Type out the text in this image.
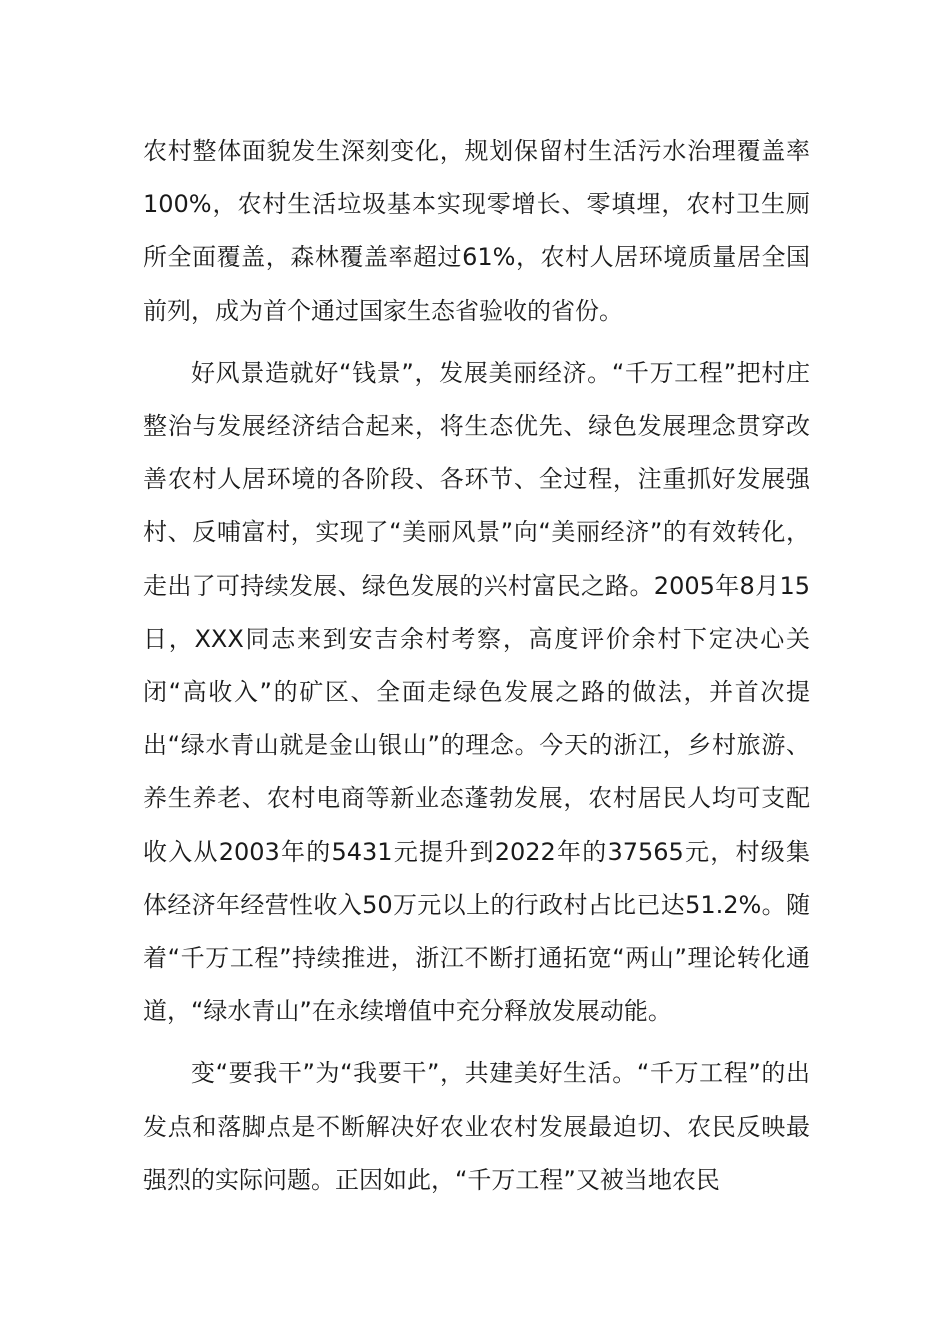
农村整体面貌发生深刻变化，规划保留村生活污水治理覆盖率100%，农村生活垃圾基本实现零增长、零填埋，农村卫生厕所全面覆盖，森林覆盖率超过61%，农村人居环境质量居全国前列，成为首个通过国家生态省验收的省份。

好风景造就好“钱景”，发展美丽经济。“千万工程”把村庄整治与发展经济结合起来，将生态优先、绿色发展理念贯穿改善农村人居环境的各阶段、各环节、全过程，注重抓好发展强村、反哺富村，实现了“美丽风景”向“美丽经济”的有效转化，走出了可持续发展、绿色发展的兴村富民之路。2005年8月15日，XXX同志来到安吉余村考察，高度评价余村下定决心关闭“高收入”的矿区、全面走绿色发展之路的做法，并首次提出“绿水青山就是金山银山”的理念。今天的浙江，乡村旅游、养生养老、农村电商等新业态蓬勃发展，农村居民人均可支配收入从2003年的5431元提升到2022年的37565元，村级集体经济年经营性收入50万元以上的行政村占比已达51.2%。随着“千万工程”持续推进，浙江不断打通拓宽“两山”理论转化通道，“绿水青山”在永续增值中充分释放发展动能。

变“要我干”为“我要干”，共建美好生活。“千万工程”的出发点和落脚点是不断解决好农业农村发展最迫切、农民反映最强烈的实际问题。正因如此，“千万工程”又被当地农民
